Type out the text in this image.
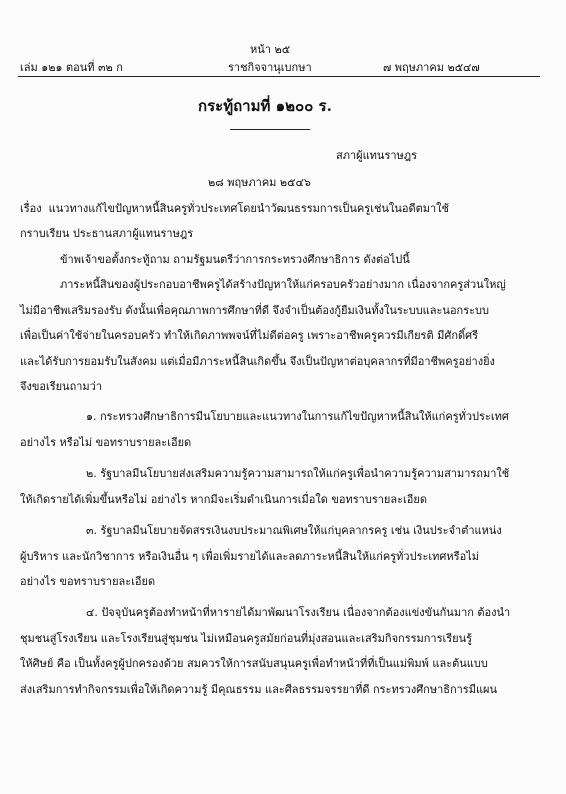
หน้า ๒๕
เล่ม ๑๒๑ ตอนที่ ๓๒ ก	ราชกิจจานุเบกษา	๗ พฤษภาคม ๒๕๔๗
กระทู้ถามที่ ๑๒๐๐ ร.
สภาผู้แทนราษฎร
๒๘ พฤษภาคม ๒๕๔๖
เรื่อง แนวทางแก้ไขปัญหาหนี้สินครูทั่วประเทศโดยนำวัฒนธรรมการเป็นครูเช่นในอดีตมาใช้
กราบเรียน ประธานสภาผู้แทนราษฎร
ข้าพเจ้าขอตั้งกระทู้ถาม ถามรัฐมนตรีว่าการกระทรวงศึกษาธิการ ดังต่อไปนี้
ภาระหนี้สินของผู้ประกอบอาชีพครูได้สร้างปัญหาให้แก่ครอบครัวอย่างมาก เนื่องจากครูส่วนใหญ่
ไม่มีอาชีพเสริมรองรับ ดังนั้นเพื่อคุณภาพการศึกษาที่ดี จึงจำเป็นต้องกู้ยืมเงินทั้งในระบบและนอกระบบ
เพื่อเป็นค่าใช้จ่ายในครอบครัว ทำให้เกิดภาพพจน์ที่ไม่ดีต่อครู เพราะอาชีพครูควรมีเกียรติ มีศักดิ์ศรี
และได้รับการยอมรับในสังคม แต่เมื่อมีภาระหนี้สินเกิดขึ้น จึงเป็นปัญหาต่อบุคลากรที่มีอาชีพครูอย่างยิ่ง
จึงขอเรียนถามว่า
๑. กระทรวงศึกษาธิการมีนโยบายและแนวทางในการแก้ไขปัญหาหนี้สินให้แก่ครูทั่วประเทศ
อย่างไร หรือไม่ ขอทราบรายละเอียด
๒. รัฐบาลมีนโยบายส่งเสริมความรู้ความสามารถให้แก่ครูเพื่อนำความรู้ความสามารถมาใช้
ให้เกิดรายได้เพิ่มขึ้นหรือไม่ อย่างไร หากมีจะเริ่มดำเนินการเมื่อใด ขอทราบรายละเอียด
๓. รัฐบาลมีนโยบายจัดสรรเงินงบประมาณพิเศษให้แก่บุคลากรครู เช่น เงินประจำตำแหน่ง
ผู้บริหาร และนักวิชาการ หรือเงินอื่น ๆ เพื่อเพิ่มรายได้และลดภาระหนี้สินให้แก่ครูทั่วประเทศหรือไม่
อย่างไร ขอทราบรายละเอียด
๔. ปัจจุบันครูต้องทำหน้าที่หารายได้มาพัฒนาโรงเรียน เนื่องจากต้องแข่งขันกันมาก ต้องนำ
ชุมชนสู่โรงเรียน และโรงเรียนสู่ชุมชน ไม่เหมือนครูสมัยก่อนที่มุ่งสอนและเสริมกิจกรรมการเรียนรู้
ให้ศิษย์ คือ เป็นทั้งครูผู้ปกครองด้วย สมควรให้การสนับสนุนครูเพื่อทำหน้าที่ที่เป็นแม่พิมพ์ และต้นแบบ
ส่งเสริมการทำกิจกรรมเพื่อให้เกิดความรู้ มีคุณธรรม และศีลธรรมจรรยาที่ดี กระทรวงศึกษาธิการมีแผน
